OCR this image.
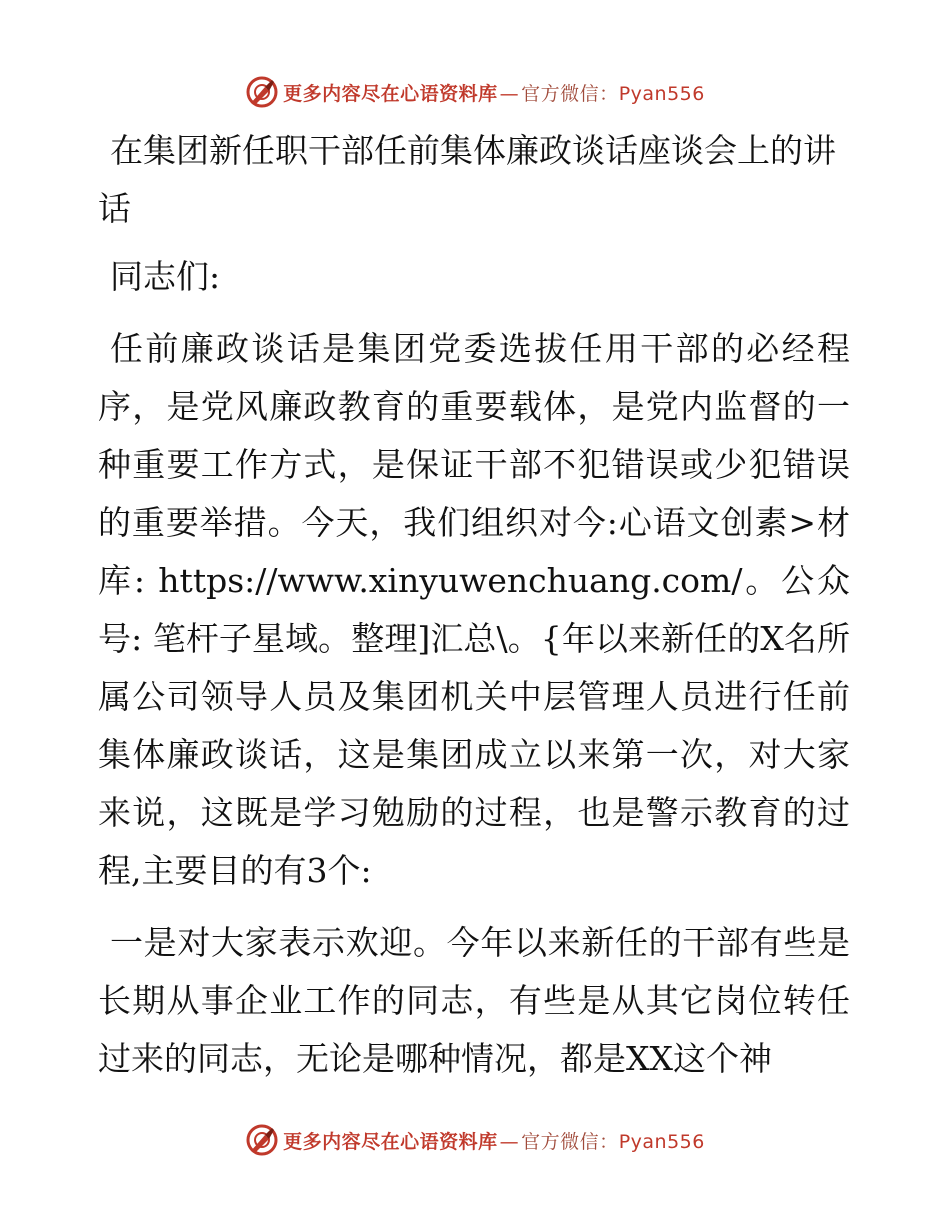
更多内容尽在心语资料库 — 官方微信：Pyan556
在集团新任职干部任前集体廉政谈话座谈会上的讲话

同志们:

任前廉政谈话是集团党委选拔任用干部的必经程序，是党风廉政教育的重要载体，是党内监督的一种重要工作方式，是保证干部不犯错误或少犯错误的重要举措。今天，我们组织对今:心语文创素>材库: https://www.xinyuwenchuang.com/。公众号: 笔杆子星域。整理]汇总\。{年以来新任的X名所属公司领导人员及集团机关中层管理人员进行任前集体廉政谈话，这是集团成立以来第一次，对大家来说，这既是学习勉励的过程，也是警示教育的过程,主要目的有3个:

一是对大家表示欢迎。今年以来新任的干部有些是长期从事企业工作的同志，有些是从其它岗位转任过来的同志，无论是哪种情况，都是XX这个神

更多内容尽在心语资料库 — 官方微信：Pyan556
